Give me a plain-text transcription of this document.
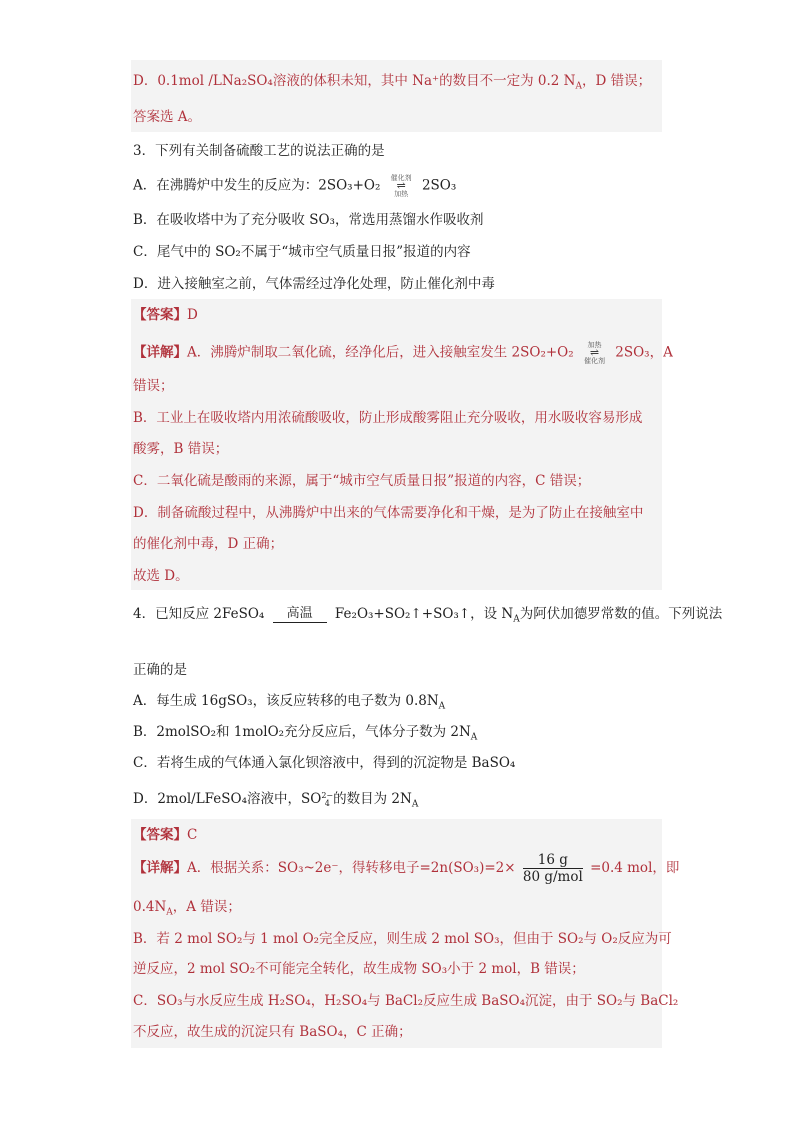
D．0.1mol /LNa₂SO₄溶液的体积未知，其中 Na⁺的数目不一定为 0.2 $N_A$，D 错误；
答案选 A。
3．下列有关制备硫酸工艺的说法正确的是
A．在沸腾炉中发生的反应为：2SO₃+O₂ 催化剂
⇌
加热
2SO₃
B．在吸收塔中为了充分吸收 SO₃，常选用蒸馏水作吸收剂
C．尾气中的 SO₂不属于“城市空气质量日报”报道的内容
D．进入接触室之前，气体需经过净化处理，防止催化剂中毒
【答案】D
【详解】A．沸腾炉制取二氧化硫，经净化后，进入接触室发生 2SO₂+O₂	加热
⇌
催化剂
2SO₃，A
错误；
B．工业上在吸收塔内用浓硫酸吸收，防止形成酸雾阻止充分吸收，用水吸收容易形成
酸雾，B 错误；
C．二氧化硫是酸雨的来源，属于“城市空气质量日报”报道的内容，C 错误；
D．制备硫酸过程中，从沸腾炉中出来的气体需要净化和干燥，是为了防止在接触室中
的催化剂中毒，D 正确；
故选 D。
4．已知反应 2FeSO₄	高温	Fe₂O₃+SO₂↑+SO₃↑，设 $N_A$为阿伏加德罗常数的值。下列说法
正确的是
A．每生成 16gSO₃，该反应转移的电子数为 $0.8N_A$
B．2molSO₂和 1molO₂充分反应后，气体分子数为 $2N_A$
C．若将生成的气体通入氯化钡溶液中，得到的沉淀物是 BaSO₄
D．2mol/LFeSO₄溶液中，SO 2−
4 的数目为 $2N_A$
【答案】C
【详解】A．根据关系：SO₃~2e⁻，得转移电子$=2n(SO_3)=2\times \frac{16 g}{\text{80 g/mol}} =0.4$ mol，即
$0.4N_A$，A 错误；
B．若 2 mol SO₂与 1 mol O₂完全反应，则生成 2 mol SO₃，但由于 SO₂与 O₂反应为可
逆反应，2 mol SO₂不可能完全转化，故生成物 SO₃小于 2 mol，B 错误；
C．SO₃与水反应生成 H₂SO₄，H₂SO₄与 BaCl₂反应生成 BaSO₄沉淀，由于 SO₂与 BaCl₂
不反应，故生成的沉淀只有 BaSO₄，C 正确；
